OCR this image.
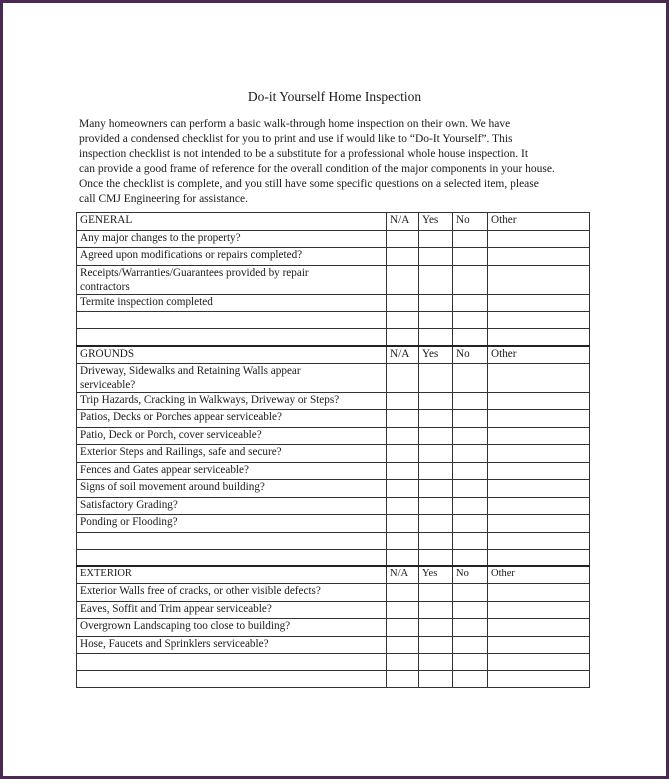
Do-it Yourself Home Inspection
Many homeowners can perform a basic walk-through home inspection on their own. We have
provided a condensed checklist for you to print and use if would like to “Do-It Yourself”. This
inspection checklist is not intended to be a substitute for a professional whole house inspection. It
can provide a good frame of reference for the overall condition of the major components in your house.
Once the checklist is complete, and you still have some specific questions on a selected item, please
call CMJ Engineering for assistance.
GENERAL	N/A	Yes	No	Other
Any major changes to the property?				
Agreed upon modifications or repairs completed?				

Receipts/Warranties/Guarantees provided by repair
contractors				

Termite inspection completed				

GROUNDS	N/A	Yes	No	Other

Driveway, Sidewalks and Retaining Walls appear
serviceable?				

Trip Hazards, Cracking in Walkways, Driveway or Steps?				
Patios, Decks or Porches appear serviceable?				
Patio, Deck or Porch, cover serviceable?				
Exterior Steps and Railings, safe and secure?				
Fences and Gates appear serviceable?				
Signs of soil movement around building?				
Satisfactory Grading?				
Ponding or Flooding?				

EXTERIOR	N/A	Yes	No	Other
Exterior Walls free of cracks, or other visible defects?				
Eaves, Soffit and Trim appear serviceable?				
Overgrown Landscaping too close to building?				
Hose, Faucets and Sprinklers serviceable?				
